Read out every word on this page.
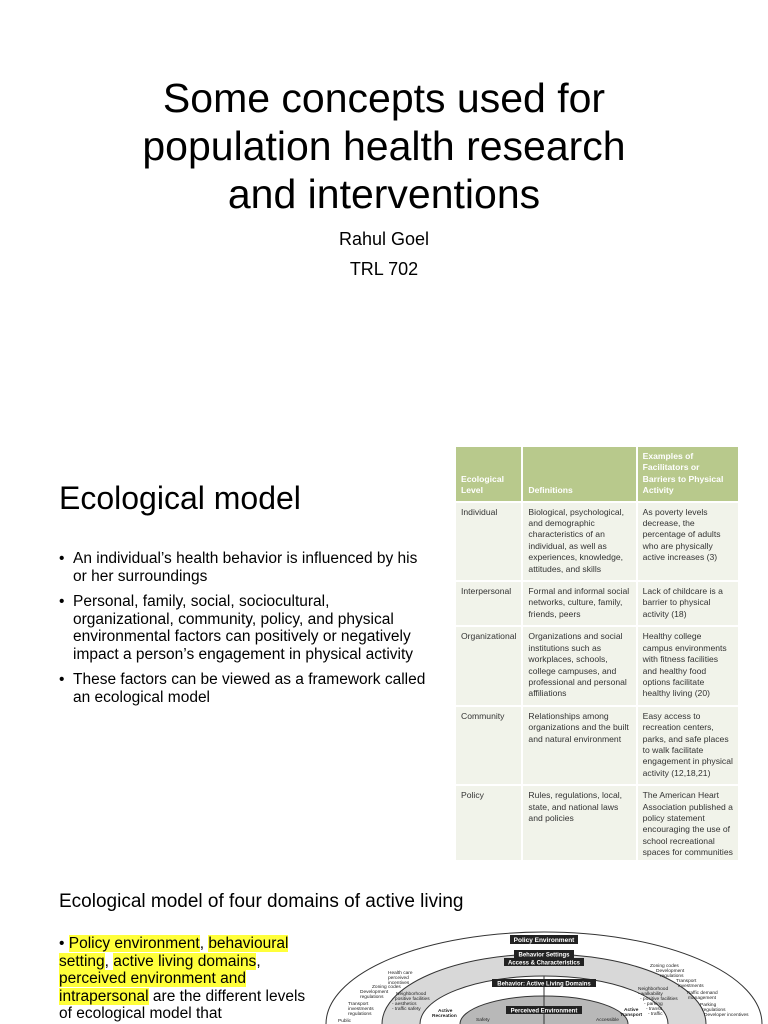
Some concepts used for
population health research
and interventions
Rahul Goel
TRL 702
Ecological model
• An individual’s health behavior is influenced by his or her surroundings
• Personal, family, social, sociocultural, organizational, community, policy, and physical environmental factors can positively or negatively impact a person’s engagement in physical activity
• These factors can be viewed as a framework called an ecological model
Ecological Level	Definitions	Examples of Facilitators or Barriers to Physical Activity
Individual	Biological, psychological, and demographic characteristics of an individual, as well as experiences, knowledge, attitudes, and skills	As poverty levels decrease, the percentage of adults who are physically active increases (3)
Interpersonal	Formal and informal social networks, culture, family, friends, peers	Lack of childcare is a barrier to physical activity (18)
Organizational	Organizations and social institutions such as workplaces, schools, college campuses, and professional and personal affiliations	Healthy college campus environments with fitness facilities and healthy food options facilitate healthy living (20)
Community	Relationships among organizations and the built and natural environment	Easy access to recreation centers, parks, and safe places to walk facilitate engagement in physical activity (12,18,21)
Policy	Rules, regulations, local, state, and national laws and policies	The American Heart Association published a policy statement encouraging the use of school recreational spaces for communities
Ecological model of four domains of active living
• Policy environment, behavioural setting, active living domains, perceived environment and intrapersonal are the different levels of ecological model that
Policy Environment
Behavior Settings
Access & Characteristics
Behavior: Active Living Domains
Perceived Environment
Health care
perceived
incentives
Zoning codes
Development
regulations
Transport
investments
regulations
Public
Neighborhood
- positive facilities
- aesthetics
- traffic safety	Active
Recreation
Safety
Zoning codes
Development
regulations
Transport
investments
Traffic demand
management
Parking
regulations
Developer incentives
Neighborhood
- walkability
- positive facilities
- parking
- transit
- traffic
Active
Transport
Accessible
